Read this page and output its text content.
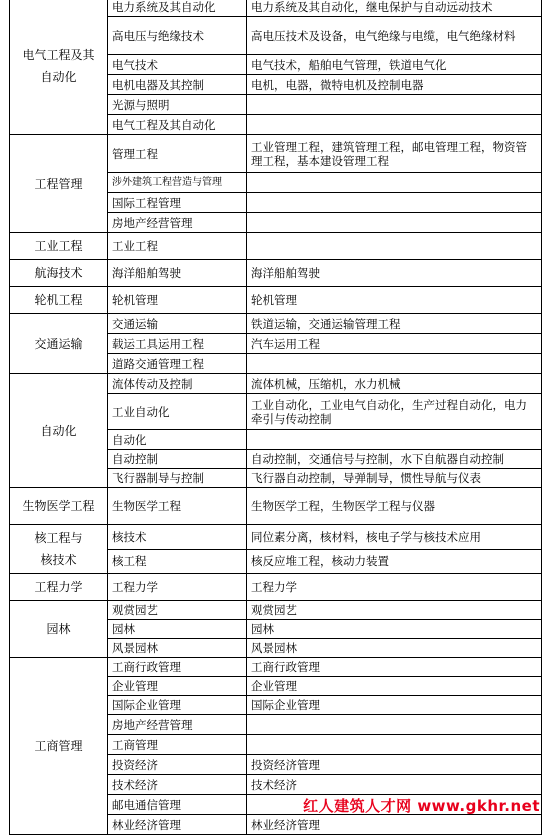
电气工程及其
自动化	电力系统及其自动化	电力系统及其自动化，继电保护与自动远动技术
	高电压与绝缘技术	高电压技术及设备，电气绝缘与电缆，电气绝缘材料
	电气技术	电气技术，船舶电气管理，铁道电气化
	电机电器及其控制	电机，电器，微特电机及控制电器
	光源与照明	
	电气工程及其自动化	
工程管理	管理工程	工业管理工程，建筑管理工程，邮电管理工程，物资管理工程，基本建设管理工程
	涉外建筑工程营造与管理	
	国际工程管理	
	房地产经营管理	
工业工程	工业工程	
航海技术	海洋船舶驾驶	海洋船舶驾驶
轮机工程	轮机管理	轮机管理
交通运输	交通运输	铁道运输，交通运输管理工程
	载运工具运用工程	汽车运用工程
	道路交通管理工程	
自动化	流体传动及控制	流体机械，压缩机，水力机械
	工业自动化	工业自动化，工业电气自动化，生产过程自动化，电力牵引与传动控制
	自动化	
	自动控制	自动控制，交通信号与控制，水下自航器自动控制
	飞行器制导与控制	飞行器自动控制，导弹制导，惯性导航与仪表
生物医学工程	生物医学工程	生物医学工程，生物医学工程与仪器
核工程与
核技术	核技术	同位素分离，核材料，核电子学与核技术应用
	核工程	核反应堆工程，核动力装置
工程力学	工程力学	工程力学
园林	观赏园艺	观赏园艺
	园林	园林
	风景园林	风景园林
工商管理	工商行政管理	工商行政管理
	企业管理	企业管理
	国际企业管理	国际企业管理
	房地产经营管理	
	工商管理	
	投资经济	投资经济管理
	技术经济	技术经济
	邮电通信管理	
	林业经济管理	林业经济管理
红人建筑人才网 www.gkhr.net
